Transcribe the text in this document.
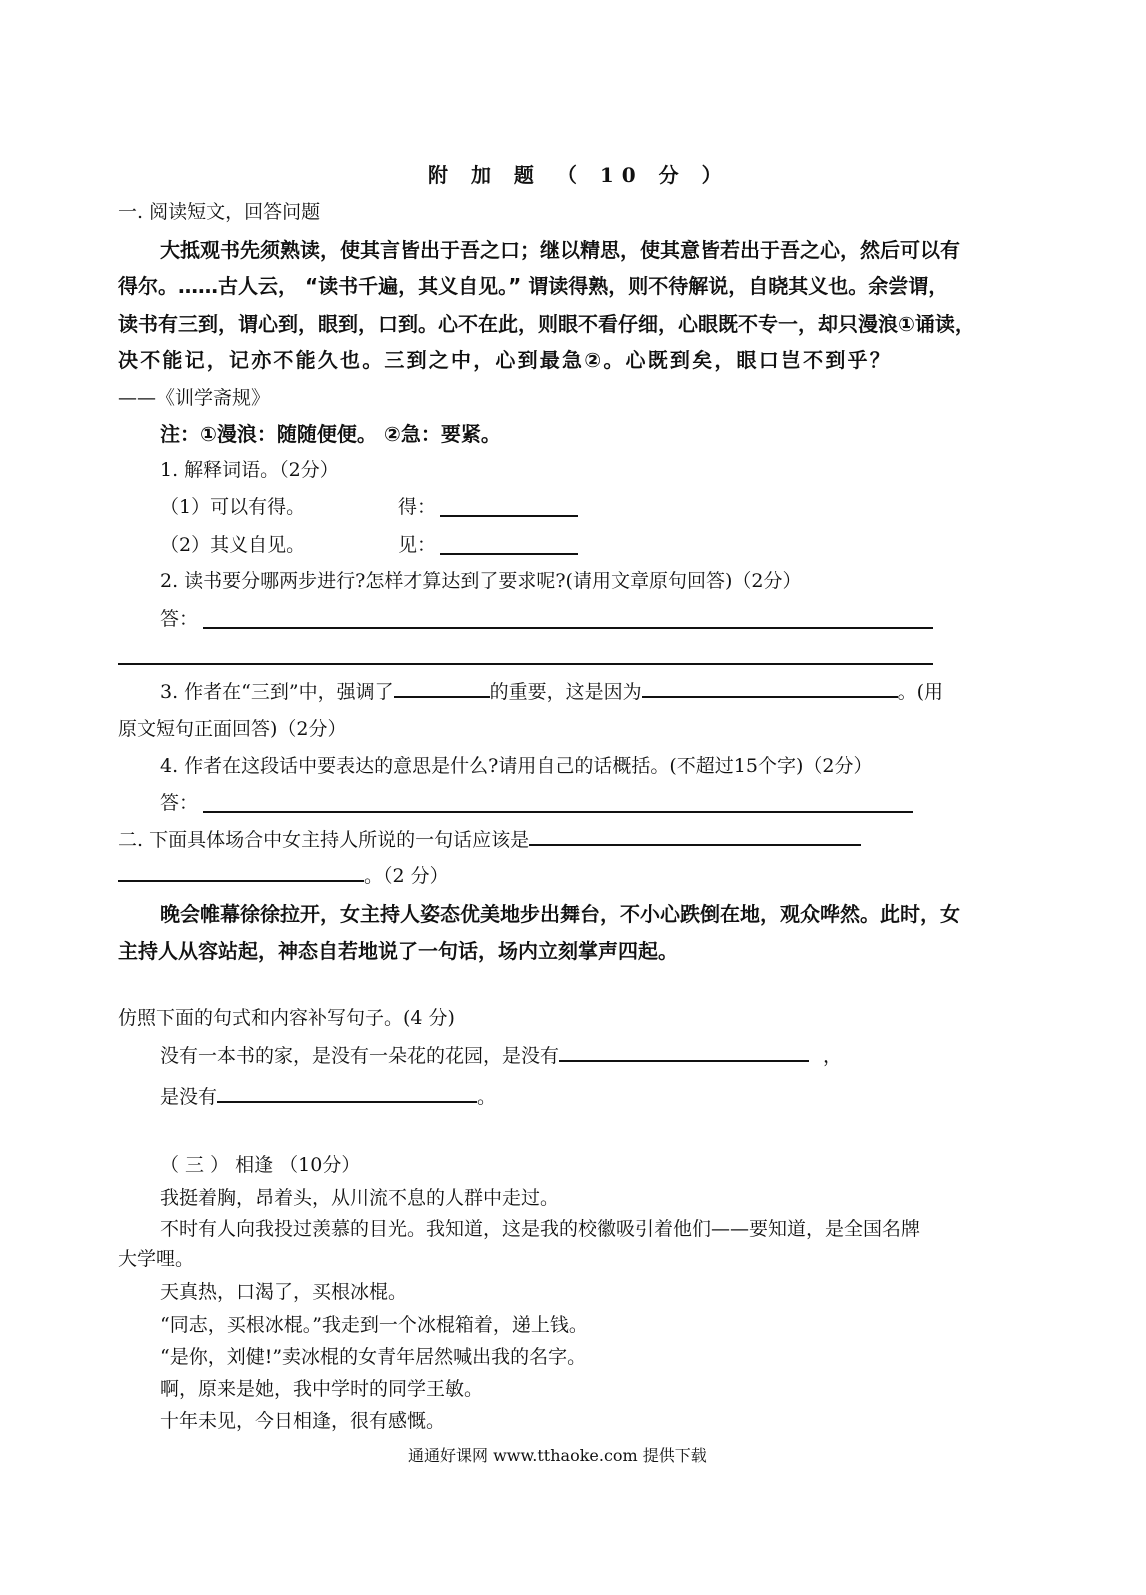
附 加 题 （ 10 分 ）
一. 阅读短文，回答问题
大抵观书先须熟读，使其言皆出于吾之口；继以精思，使其意皆若出于吾之心，然后可以有
得尔。……古人云， “读书千遍，其义自见。” 谓读得熟，则不待解说，自晓其义也。余尝谓，
读书有三到，谓心到，眼到，口到。心不在此，则眼不看仔细，心眼既不专一，却只漫浪①诵读，
决不能记，记亦不能久也。三到之中，心到最急②。心既到矣，眼口岂不到乎？
——《训学斋规》
注：①漫浪：随随便便。 ②急：要紧。
1. 解释词语。（2分）
（1）可以有得。	得：
（2）其义自见。	见：
2. 读书要分哪两步进行?怎样才算达到了要求呢?(请用文章原句回答)（2分）
答：
3. 作者在“三到”中，强调了	的重要，这是因为	。(用
原文短句正面回答)（2分）
4. 作者在这段话中要表达的意思是什么?请用自己的话概括。(不超过15个字)（2分）
答：
二. 下面具体场合中女主持人所说的一句话应该是
。（2 分）
晚会帷幕徐徐拉开，女主持人姿态优美地步出舞台，不小心跌倒在地，观众哗然。此时，女
主持人从容站起，神态自若地说了一句话，场内立刻掌声四起。
仿照下面的句式和内容补写句子。(4 分)
没有一本书的家，是没有一朵花的花园，是没有	，
是没有	。
（ 三 ） 相逢 （10分）
我挺着胸，昂着头，从川流不息的人群中走过。
不时有人向我投过羡慕的目光。我知道，这是我的校徽吸引着他们——要知道，是全国名牌
大学哩。
天真热，口渴了，买根冰棍。
“同志，买根冰棍。”我走到一个冰棍箱着，递上钱。
“是你，刘健!”卖冰棍的女青年居然喊出我的名字。
啊，原来是她，我中学时的同学王敏。
十年未见，今日相逢，很有感慨。
通通好课网 www.tthaoke.com 提供下载
